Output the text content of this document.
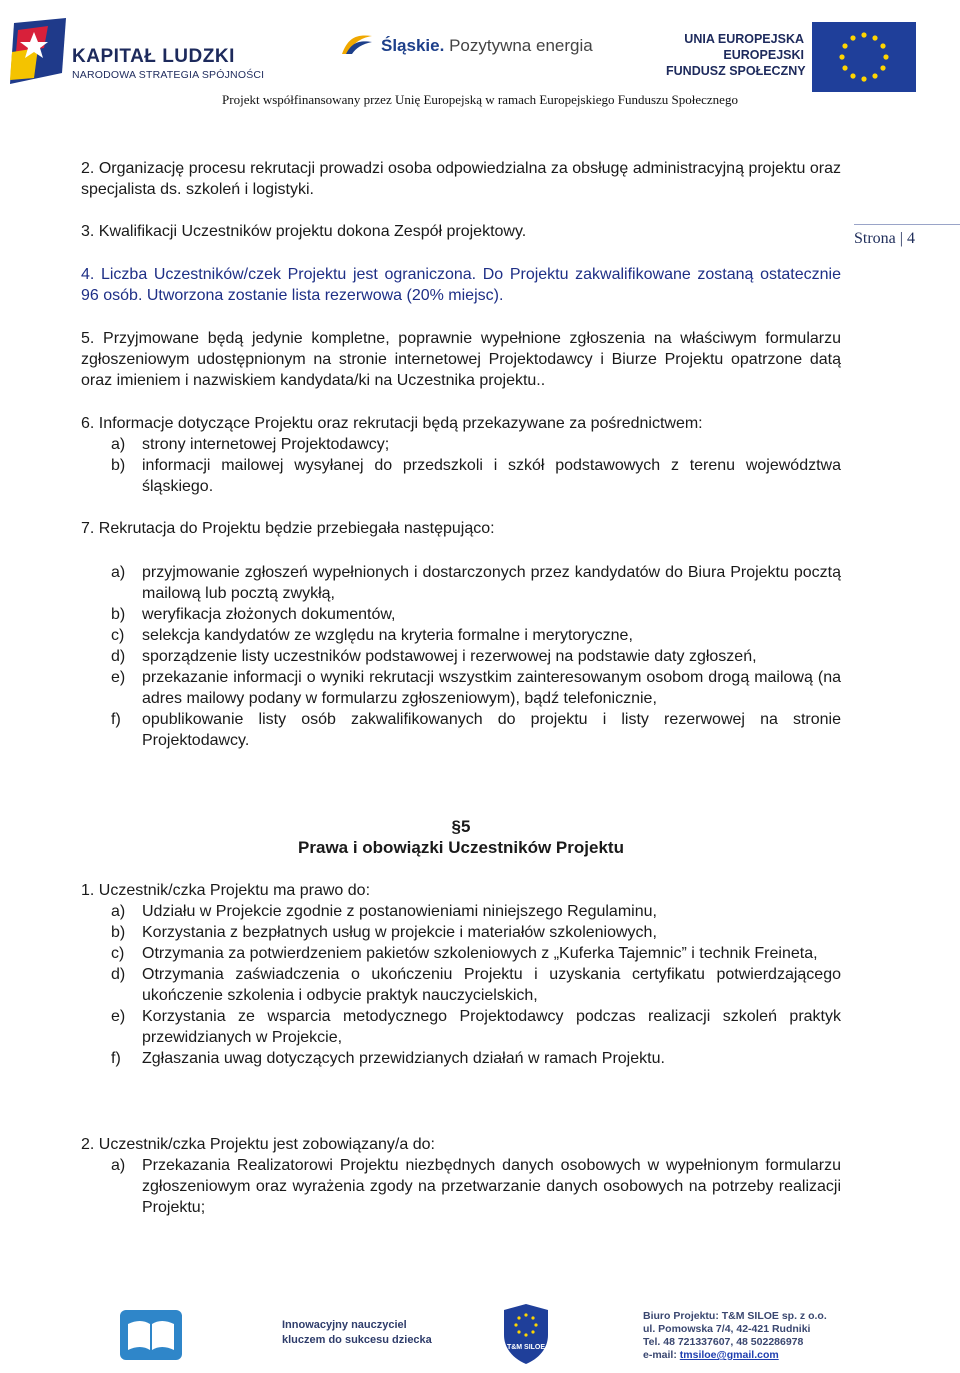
KAPITAŁ LUDZKI
NARODOWA STRATEGIA SPÓJNOŚCI
Śląskie. Pozytywna energia	UNIA EUROPEJSKA
EUROPEJSKI
FUNDUSZ SPOŁECZNY
Projekt współfinansowany przez Unię Europejską w ramach Europejskiego Funduszu Społecznego
Strona | 4
2. Organizację procesu rekrutacji prowadzi osoba odpowiedzialna za obsługę administracyjną projektu oraz specjalista ds. szkoleń i logistyki.
3. Kwalifikacji Uczestników projektu dokona Zespół projektowy.
4. Liczba Uczestników/czek Projektu jest ograniczona. Do Projektu zakwalifikowane zostaną ostatecznie 96 osób. Utworzona zostanie lista rezerwowa (20% miejsc).
5. Przyjmowane będą jedynie kompletne, poprawnie wypełnione zgłoszenia na właściwym formularzu zgłoszeniowym udostępnionym na stronie internetowej Projektodawcy i Biurze Projektu opatrzone datą oraz imieniem i nazwiskiem kandydata/ki na Uczestnika projektu..
6. Informacje dotyczące Projektu oraz rekrutacji będą przekazywane za pośrednictwem:
a) strony internetowej Projektodawcy;
b) informacji mailowej wysyłanej do przedszkoli i szkół podstawowych z terenu województwa śląskiego.
7. Rekrutacja do Projektu będzie przebiegała następująco:
a) przyjmowanie zgłoszeń wypełnionych i dostarczonych przez kandydatów do Biura Projektu pocztą mailową lub pocztą zwykłą,
b) weryfikacja złożonych dokumentów,
c) selekcja kandydatów ze względu na kryteria formalne i merytoryczne,
d) sporządzenie listy uczestników podstawowej i rezerwowej na podstawie daty zgłoszeń,
e) przekazanie informacji o wyniki rekrutacji wszystkim zainteresowanym osobom drogą mailową (na adres mailowy podany w formularzu zgłoszeniowym), bądź telefonicznie,
f) opublikowanie listy osób zakwalifikowanych do projektu i listy rezerwowej na stronie Projektodawcy.
§5
Prawa i obowiązki Uczestników Projektu
1. Uczestnik/czka Projektu ma prawo do:
a) Udziału w Projekcie zgodnie z postanowieniami niniejszego Regulaminu,
b) Korzystania z bezpłatnych usług w projekcie i materiałów szkoleniowych,
c) Otrzymania za potwierdzeniem pakietów szkoleniowych z „Kuferka Tajemnic” i technik Freineta,
d) Otrzymania zaświadczenia o ukończeniu Projektu i uzyskania certyfikatu potwierdzającego ukończenie szkolenia i odbycie praktyk nauczycielskich,
e) Korzystania ze wsparcia metodycznego Projektodawcy podczas realizacji szkoleń praktyk przewidzianych w Projekcie,
f) Zgłaszania uwag dotyczących przewidzianych działań w ramach Projektu.
2. Uczestnik/czka Projektu jest zobowiązany/a do:
a) Przekazania Realizatorowi Projektu niezbędnych danych osobowych w wypełnionym formularzu zgłoszeniowym oraz wyrażenia zgody na przetwarzanie danych osobowych na potrzeby realizacji Projektu;
Innowacyjny nauczyciel
kluczem do sukcesu dziecka
T&M SILOE
Biuro Projektu: T&M SILOE sp. z o.o.
ul. Pomowska 7/4, 42-421 Rudniki
Tel. 48 721337607, 48 502286978
e-mail: tmsiloe@gmail.com
